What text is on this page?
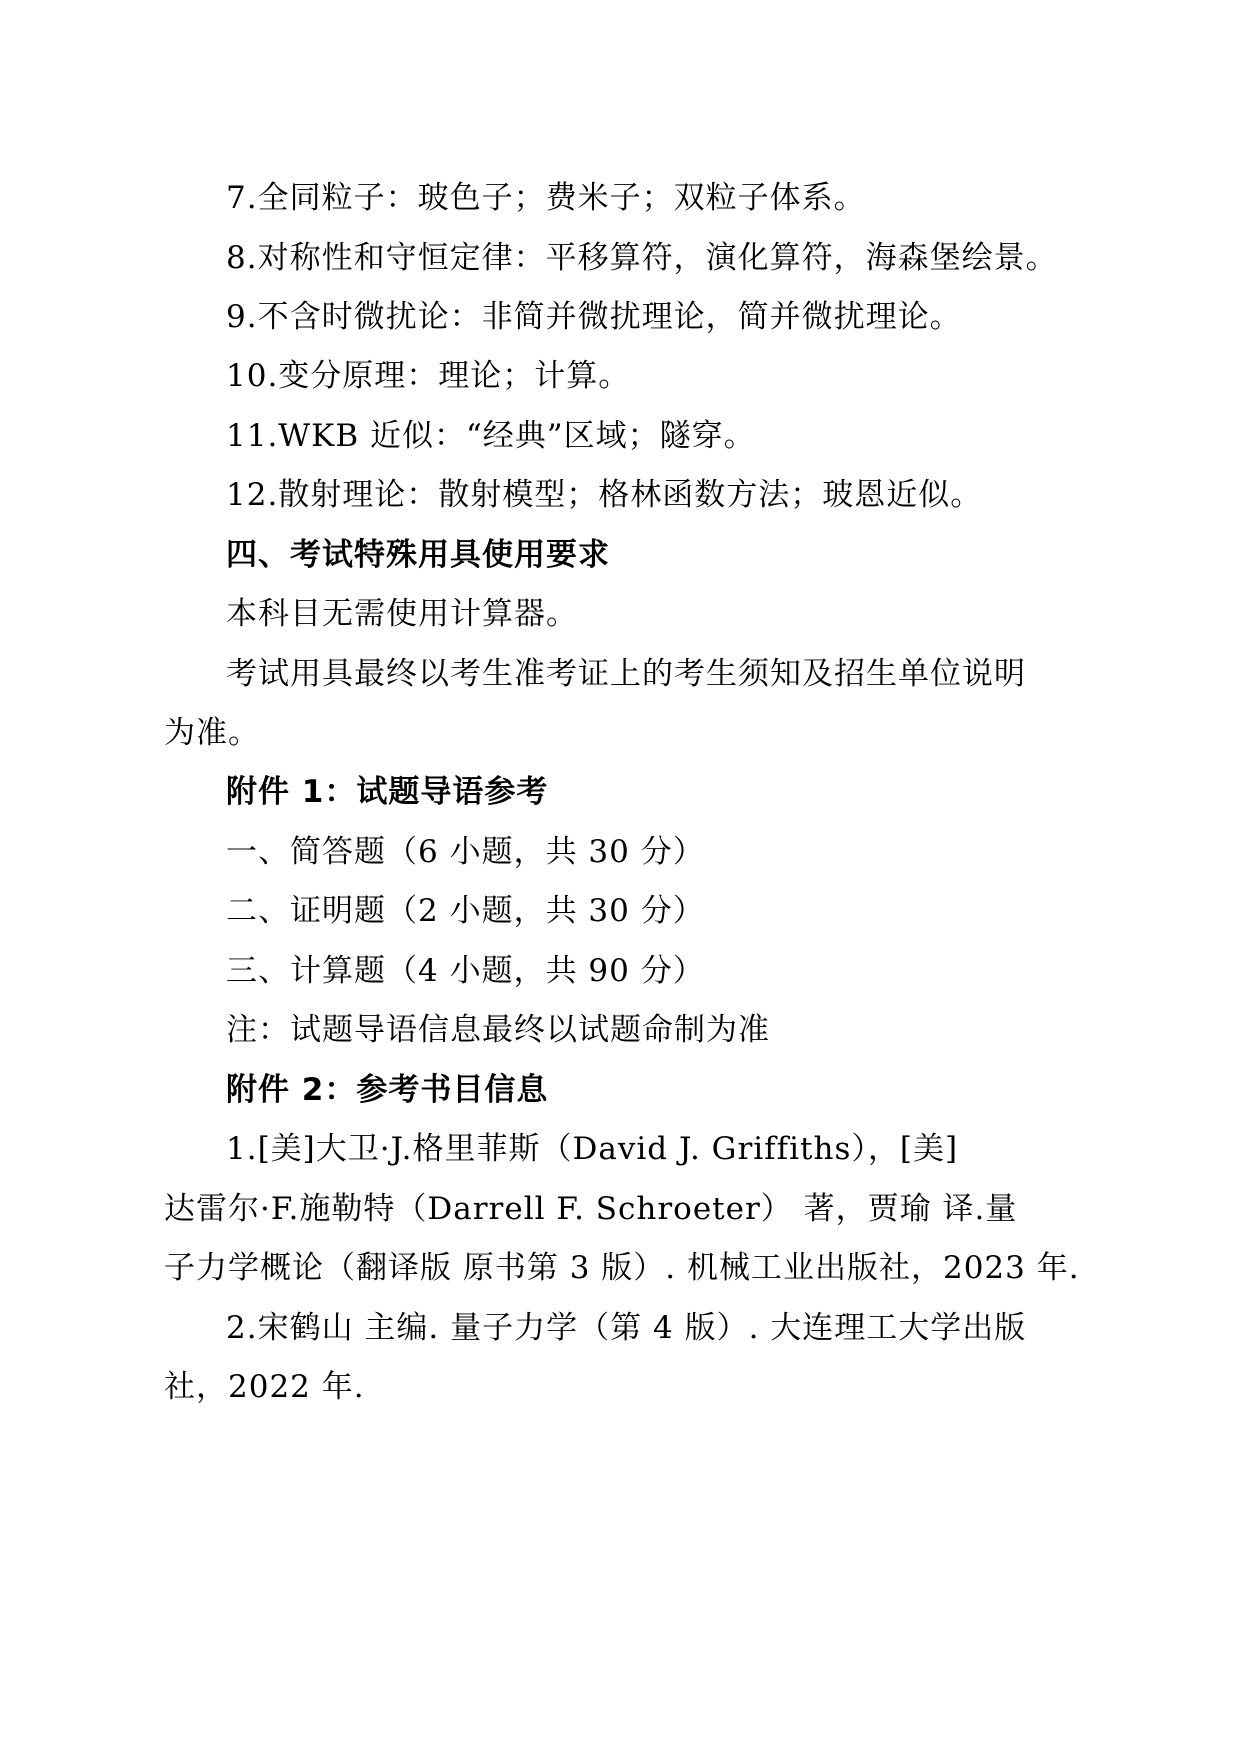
7.全同粒子：玻色子；费米子；双粒子体系。
8.对称性和守恒定律：平移算符，演化算符，海森堡绘景。
9.不含时微扰论：非简并微扰理论，简并微扰理论。
10.变分原理：理论；计算。
11.WKB 近似：“经典”区域；隧穿。
12.散射理论：散射模型；格林函数方法；玻恩近似。
四、考试特殊用具使用要求
本科目无需使用计算器。
考试用具最终以考生准考证上的考生须知及招生单位说明
为准。
附件 1：试题导语参考
一、简答题（6 小题，共 30 分）
二、证明题（2 小题，共 30 分）
三、计算题（4 小题，共 90 分）
注：试题导语信息最终以试题命制为准
附件 2：参考书目信息
1.[美]大卫·J.格里菲斯（David J. Griffiths），[美]
达雷尔·F.施勒特（Darrell F. Schroeter） 著，贾瑜 译.量
子力学概论（翻译版 原书第 3 版）. 机械工业出版社，2023 年.
2.宋鹤山 主编. 量子力学（第 4 版）. 大连理工大学出版
社，2022 年.
